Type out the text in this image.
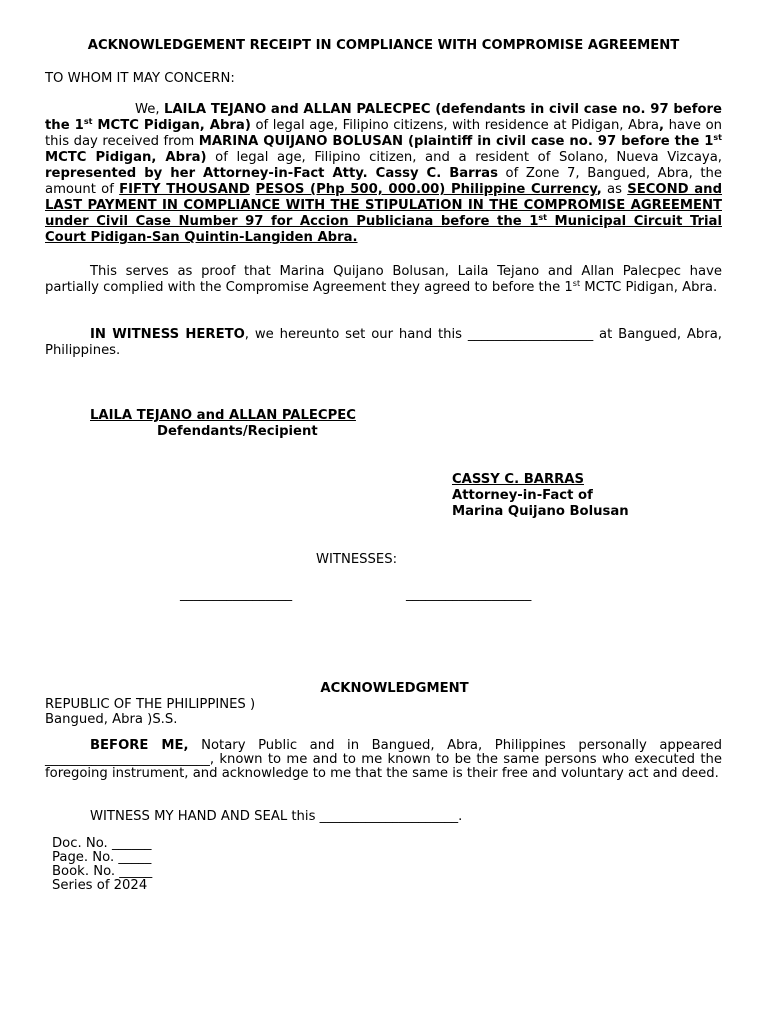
ACKNOWLEDGEMENT RECEIPT IN COMPLIANCE WITH COMPROMISE AGREEMENT
TO WHOM IT MAY CONCERN:
We, LAILA TEJANO and ALLAN PALECPEC (defendants in civil case no. 97 before the 1st MCTC Pidigan, Abra) of legal age, Filipino citizens, with residence at Pidigan, Abra, have on this day received from MARINA QUIJANO BOLUSAN (plaintiff in civil case no. 97 before the 1st MCTC Pidigan, Abra) of legal age, Filipino citizen, and a resident of Solano, Nueva Vizcaya, represented by her Attorney-in-Fact Atty. Cassy C. Barras of Zone 7, Bangued, Abra, the amount of FIFTY THOUSAND PESOS (Php 500, 000.00) Philippine Currency, as SECOND and LAST PAYMENT IN COMPLIANCE WITH THE STIPULATION IN THE COMPROMISE AGREEMENT under Civil Case Number 97 for Accion Publiciana before the 1st Municipal Circuit Trial Court Pidigan-San Quintin-Langiden Abra.
This serves as proof that Marina Quijano Bolusan, Laila Tejano and Allan Palecpec have partially complied with the Compromise Agreement they agreed to before the 1st MCTC Pidigan, Abra.
IN WITNESS HERETO, we hereunto set our hand this ___________________ at Bangued, Abra, Philippines.
LAILA TEJANO and ALLAN PALECPEC
Defendants/Recipient
CASSY C. BARRAS
Attorney-in-Fact of
Marina Quijano Bolusan
WITNESSES:
_________________	___________________
ACKNOWLEDGMENT
REPUBLIC OF THE PHILIPPINES )
Bangued, Abra )S.S.
BEFORE ME, Notary Public and in Bangued, Abra, Philippines personally appeared _________________________, known to me and to me known to be the same persons who executed the foregoing instrument, and acknowledge to me that the same is their free and voluntary act and deed.
WITNESS MY HAND AND SEAL this _____________________.
Doc. No. ______
Page. No. _____
Book. No. _____
Series of 2024
